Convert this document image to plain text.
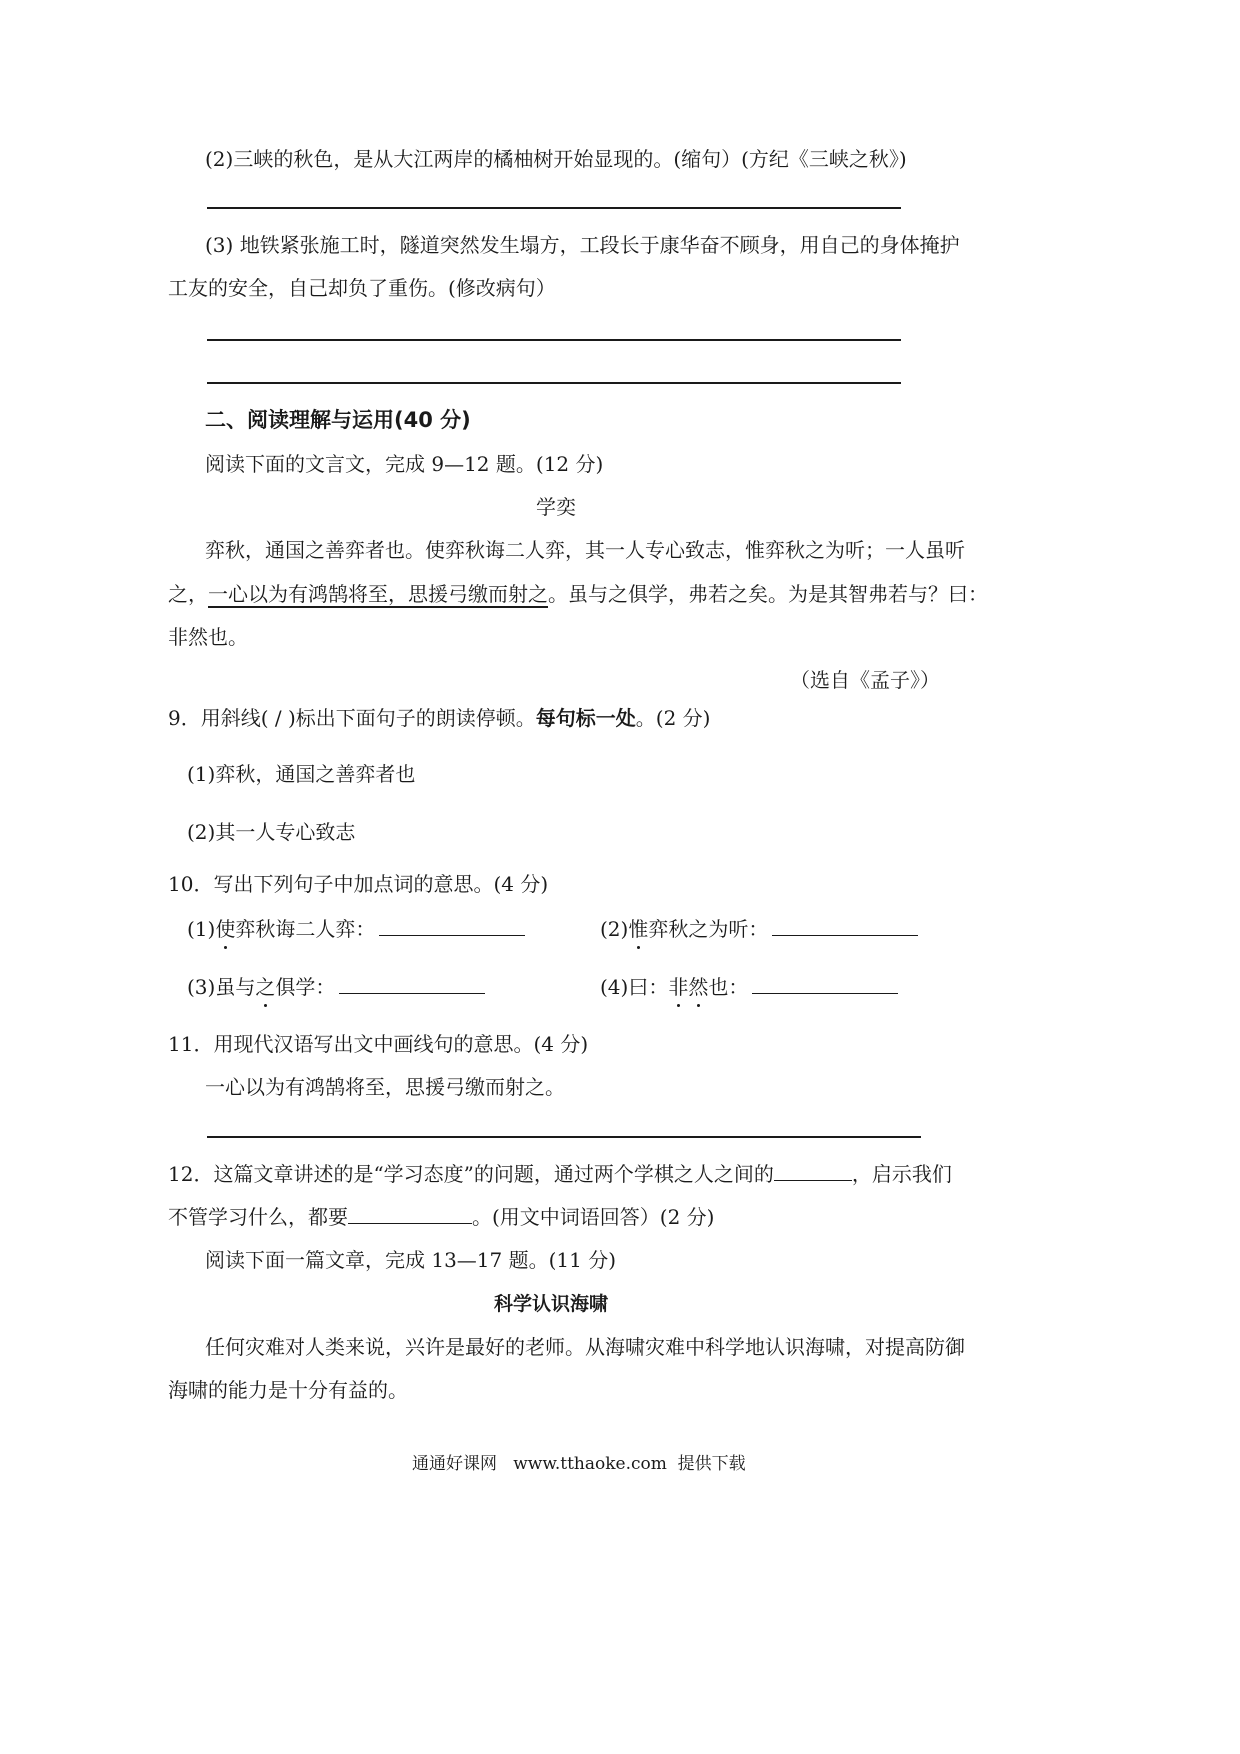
(2)三峡的秋色，是从大江两岸的橘柚树开始显现的。(缩句）(方纪《三峡之秋》)
(3) 地铁紧张施工时，隧道突然发生塌方，工段长于康华奋不顾身，用自己的身体掩护
工友的安全，自己却负了重伤。(修改病句）
二、阅读理解与运用(40 分)
阅读下面的文言文，完成 9—12 题。(12 分)
学奕
弈秋，通国之善弈者也。使弈秋诲二人弈，其一人专心致志，惟弈秋之为听；一人虽听
之，一心以为有鸿鹄将至，思援弓缴而射之。虽与之俱学，弗若之矣。为是其智弗若与？曰：
非然也。
（选自《孟子》）
9．用斜线( / )标出下面句子的朗读停顿。每句标一处。(2 分)
(1)弈秋，通国之善弈者也
(2)其一人专心致志
10．写出下列句子中加点词的意思。(4 分)
(1)使弈秋诲二人弈：	(2)惟弈秋之为听：
(3)虽与之俱学：	(4)曰：非然也：
11．用现代汉语写出文中画线句的意思。(4 分)
一心以为有鸿鹄将至，思援弓缴而射之。
12．这篇文章讲述的是“学习态度”的问题，通过两个学棋之人之间的	，启示我们
不管学习什么，都要	。(用文中词语回答）(2 分)
阅读下面一篇文章，完成 13—17 题。(11 分)
科学认识海啸
任何灾难对人类来说，兴许是最好的老师。从海啸灾难中科学地认识海啸，对提高防御
海啸的能力是十分有益的。
通通好课网   www.tthaoke.com  提供下载
